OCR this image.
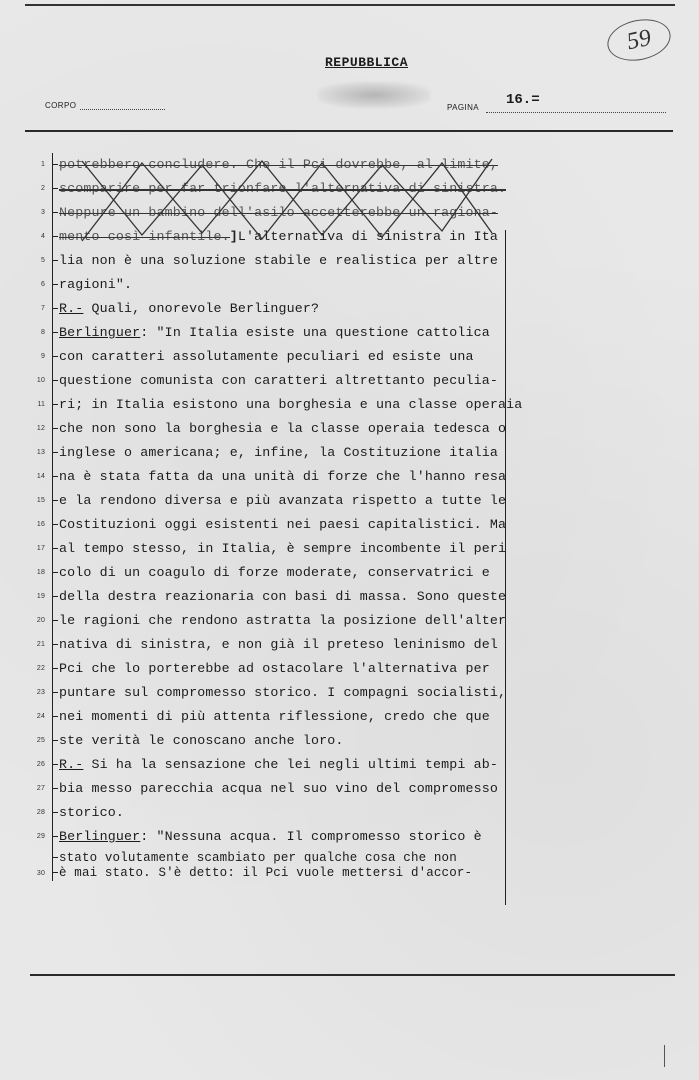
59
REPUBBLICA
CORPO	PAGINA 16.=
1	potrebbero concludere. Che il Pci dovrebbe, al limite,
2	scomparire per far trionfare l'alternativa di sinistra.
3	Neppure un bambino dell'asilo accetterebbe un ragiona-
4	mento così infantile.]L'alternativa di sinistra in Ita
5	lia non è una soluzione stabile e realistica per altre
6	ragioni".
7	R.- Quali, onorevole Berlinguer?
8	Berlinguer: "In Italia esiste una questione cattolica
9	con caratteri assolutamente peculiari ed esiste una
10	questione comunista con caratteri altrettanto peculia-
11	ri; in Italia esistono una borghesia e una classe operaia
12	che non sono la borghesia e la classe operaia tedesca o
13	inglese o americana; e, infine, la Costituzione italia
14	na è stata fatta da una unità di forze che l'hanno resa
15	e la rendono diversa e più avanzata rispetto a tutte le
16	Costituzioni oggi esistenti nei paesi capitalistici. Ma
17	al tempo stesso, in Italia, è sempre incombente il peri
18	colo di un coagulo di forze moderate, conservatrici e
19	della destra reazionaria con basi di massa. Sono queste
20	le ragioni che rendono astratta la posizione dell'alter
21	nativa di sinistra, e non già il preteso leninismo del
22	Pci che lo porterebbe ad ostacolare l'alternativa per
23	puntare sul compromesso storico. I compagni socialisti,
24	nei momenti di più attenta riflessione, credo che que
25	ste verità le conoscano anche loro.
26	R.- Si ha la sensazione che lei negli ultimi tempi ab-
27	bia messo parecchia acqua nel suo vino del compromesso
28	storico.
29	Berlinguer: "Nessuna acqua. Il compromesso storico è
stato volutamente scambiato per qualche cosa che non
30	è mai stato. S'è detto: il Pci vuole mettersi d'accor-
